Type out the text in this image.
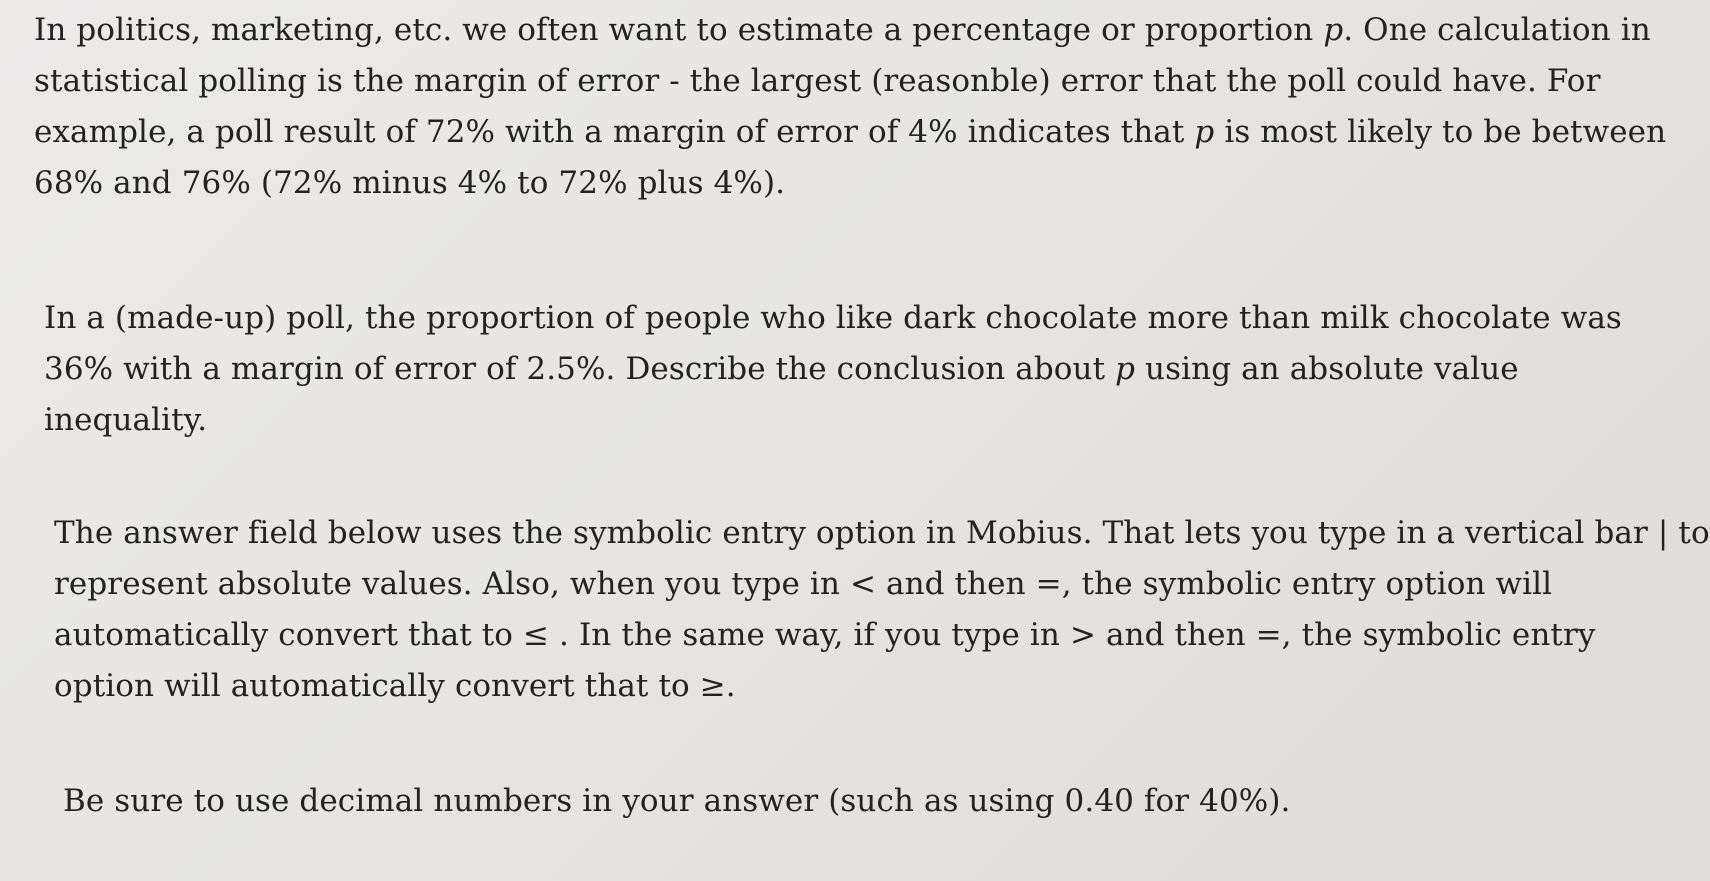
In politics, marketing, etc. we often want to estimate a percentage or proportion p. One calculation in
statistical polling is the margin of error - the largest (reasonble) error that the poll could have. For
example, a poll result of 72% with a margin of error of 4% indicates that p is most likely to be between
68% and 76% (72% minus 4% to 72% plus 4%).
In a (made-up) poll, the proportion of people who like dark chocolate more than milk chocolate was
36% with a margin of error of 2.5%. Describe the conclusion about p using an absolute value
inequality.
The answer field below uses the symbolic entry option in Mobius. That lets you type in a vertical bar | to
represent absolute values. Also, when you type in < and then =, the symbolic entry option will
automatically convert that to ≤ . In the same way, if you type in > and then =, the symbolic entry
option will automatically convert that to ≥.
Be sure to use decimal numbers in your answer (such as using 0.40 for 40%).
